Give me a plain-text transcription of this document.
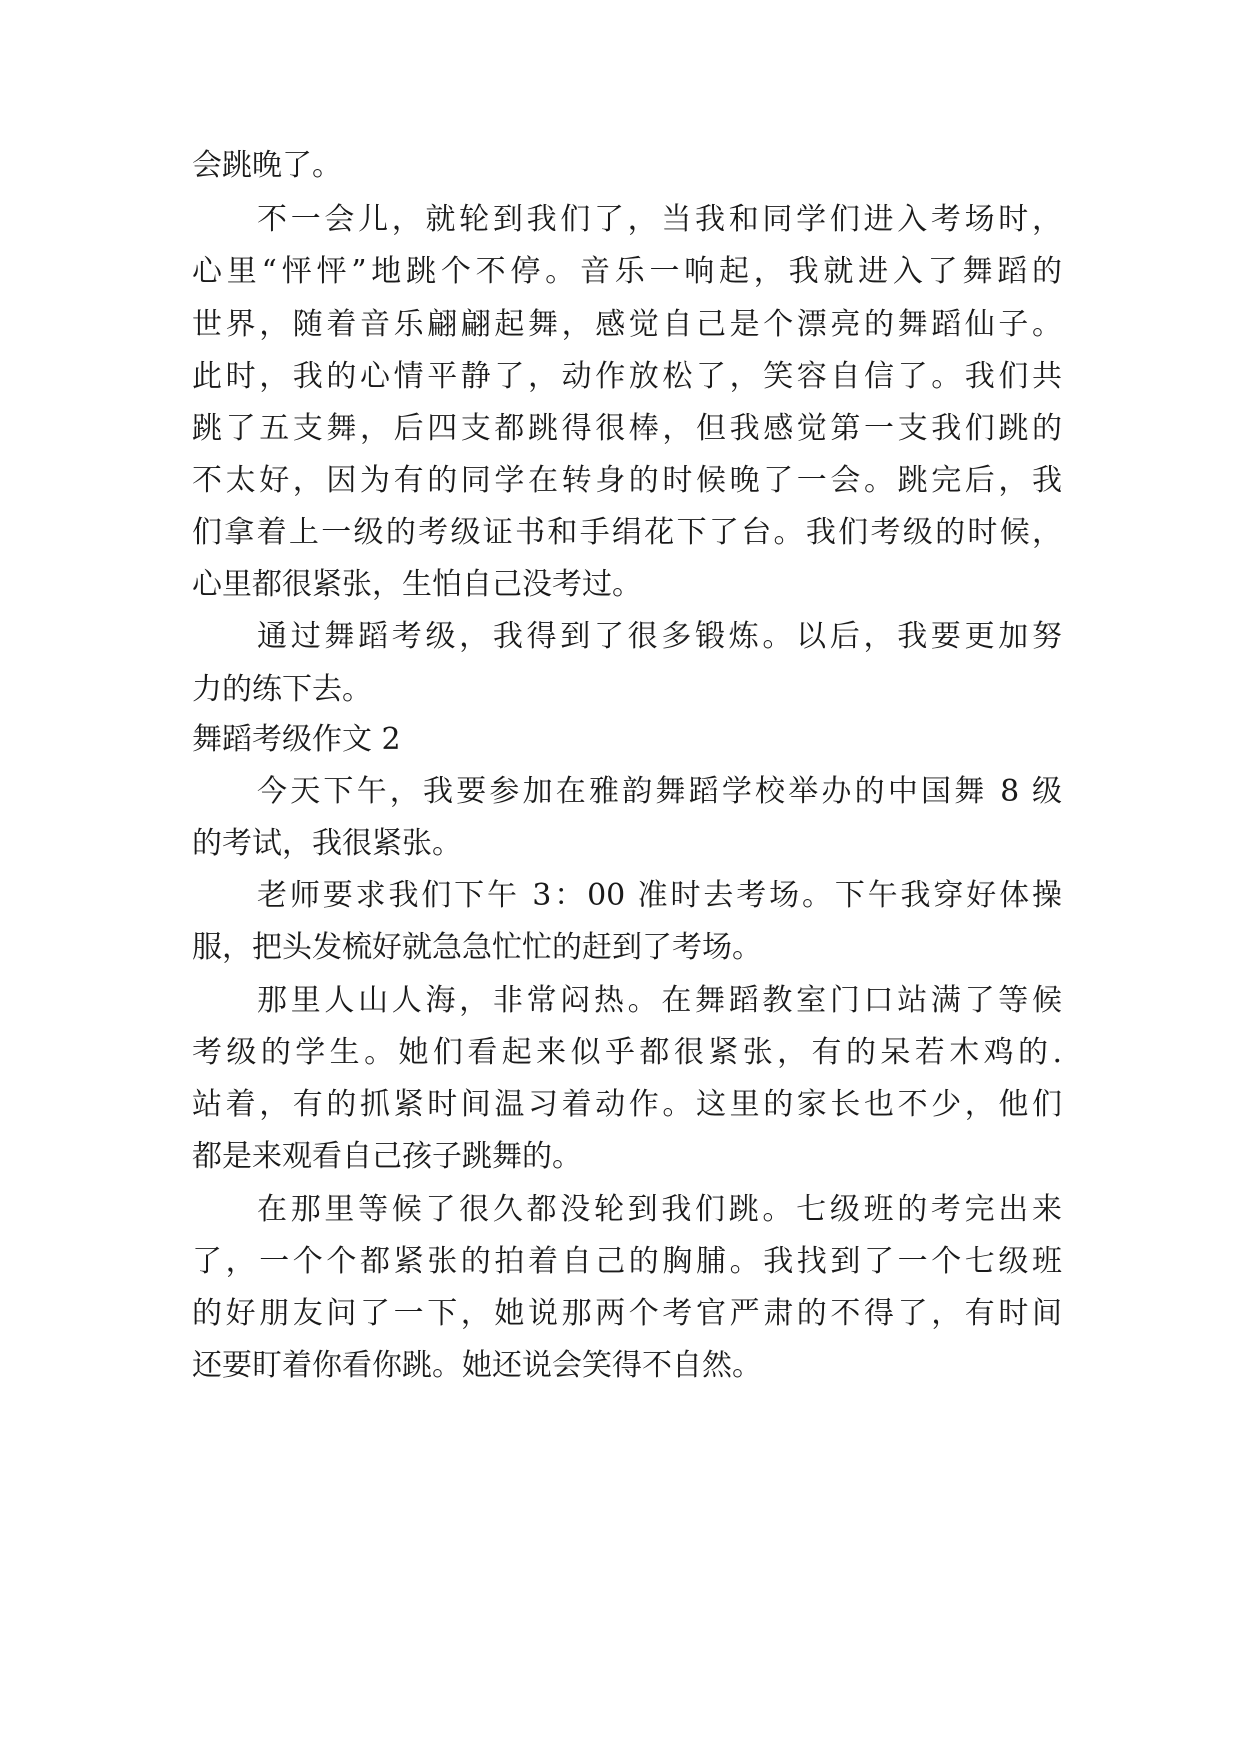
会跳晚了。
不一会儿，就轮到我们了，当我和同学们进入考场时，
心里“怦怦”地跳个不停。音乐一响起，我就进入了舞蹈的
世界，随着音乐翩翩起舞，感觉自己是个漂亮的舞蹈仙子。
此时，我的心情平静了，动作放松了，笑容自信了。我们共
跳了五支舞，后四支都跳得很棒，但我感觉第一支我们跳的
不太好，因为有的同学在转身的时候晚了一会。跳完后，我
们拿着上一级的考级证书和手绢花下了台。我们考级的时候，
心里都很紧张，生怕自己没考过。
通过舞蹈考级，我得到了很多锻炼。以后，我要更加努
力的练下去。
舞蹈考级作文 2
今天下午，我要参加在雅韵舞蹈学校举办的中国舞 8 级
的考试，我很紧张。
老师要求我们下午 3：00 准时去考场。下午我穿好体操
服，把头发梳好就急急忙忙的赶到了考场。
那里人山人海，非常闷热。在舞蹈教室门口站满了等候
考级的学生。她们看起来似乎都很紧张，有的呆若木鸡的.
站着，有的抓紧时间温习着动作。这里的家长也不少，他们
都是来观看自己孩子跳舞的。
在那里等候了很久都没轮到我们跳。七级班的考完出来
了，一个个都紧张的拍着自己的胸脯。我找到了一个七级班
的好朋友问了一下，她说那两个考官严肃的不得了，有时间
还要盯着你看你跳。她还说会笑得不自然。
